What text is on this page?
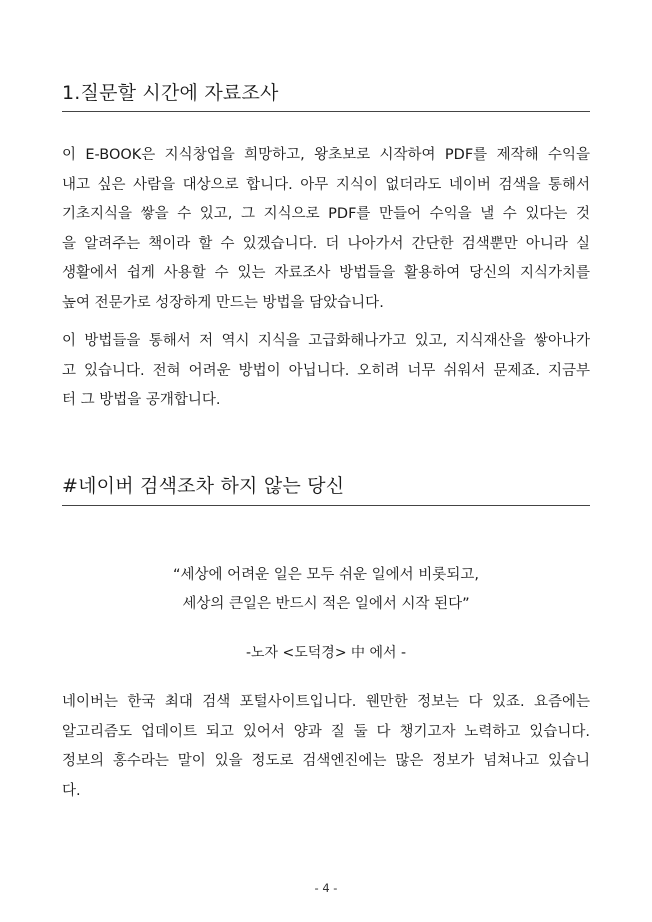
1.질문할 시간에 자료조사
이 E-BOOK은 지식창업을 희망하고, 왕초보로 시작하여 PDF를 제작해 수익을
내고 싶은 사람을 대상으로 합니다. 아무 지식이 없더라도 네이버 검색을 통해서
기초지식을 쌓을 수 있고, 그 지식으로 PDF를 만들어 수익을 낼 수 있다는 것
을 알려주는 책이라 할 수 있겠습니다. 더 나아가서 간단한 검색뿐만 아니라 실
생활에서 쉽게 사용할 수 있는 자료조사 방법들을 활용하여 당신의 지식가치를
높여 전문가로 성장하게 만드는 방법을 담았습니다.
이 방법들을 통해서 저 역시 지식을 고급화해나가고 있고, 지식재산을 쌓아나가
고 있습니다. 전혀 어려운 방법이 아닙니다. 오히려 너무 쉬워서 문제죠. 지금부
터 그 방법을 공개합니다.
#네이버 검색조차 하지 않는 당신
“세상에 어려운 일은 모두 쉬운 일에서 비롯되고,
세상의 큰일은 반드시 적은 일에서 시작 된다”
-노자 <도덕경> 中 에서 -
네이버는 한국 최대 검색 포털사이트입니다. 웬만한 정보는 다 있죠. 요즘에는
알고리즘도 업데이트 되고 있어서 양과 질 둘 다 챙기고자 노력하고 있습니다.
정보의 홍수라는 말이 있을 정도로 검색엔진에는 많은 정보가 넘쳐나고 있습니
다.
- 4 -
